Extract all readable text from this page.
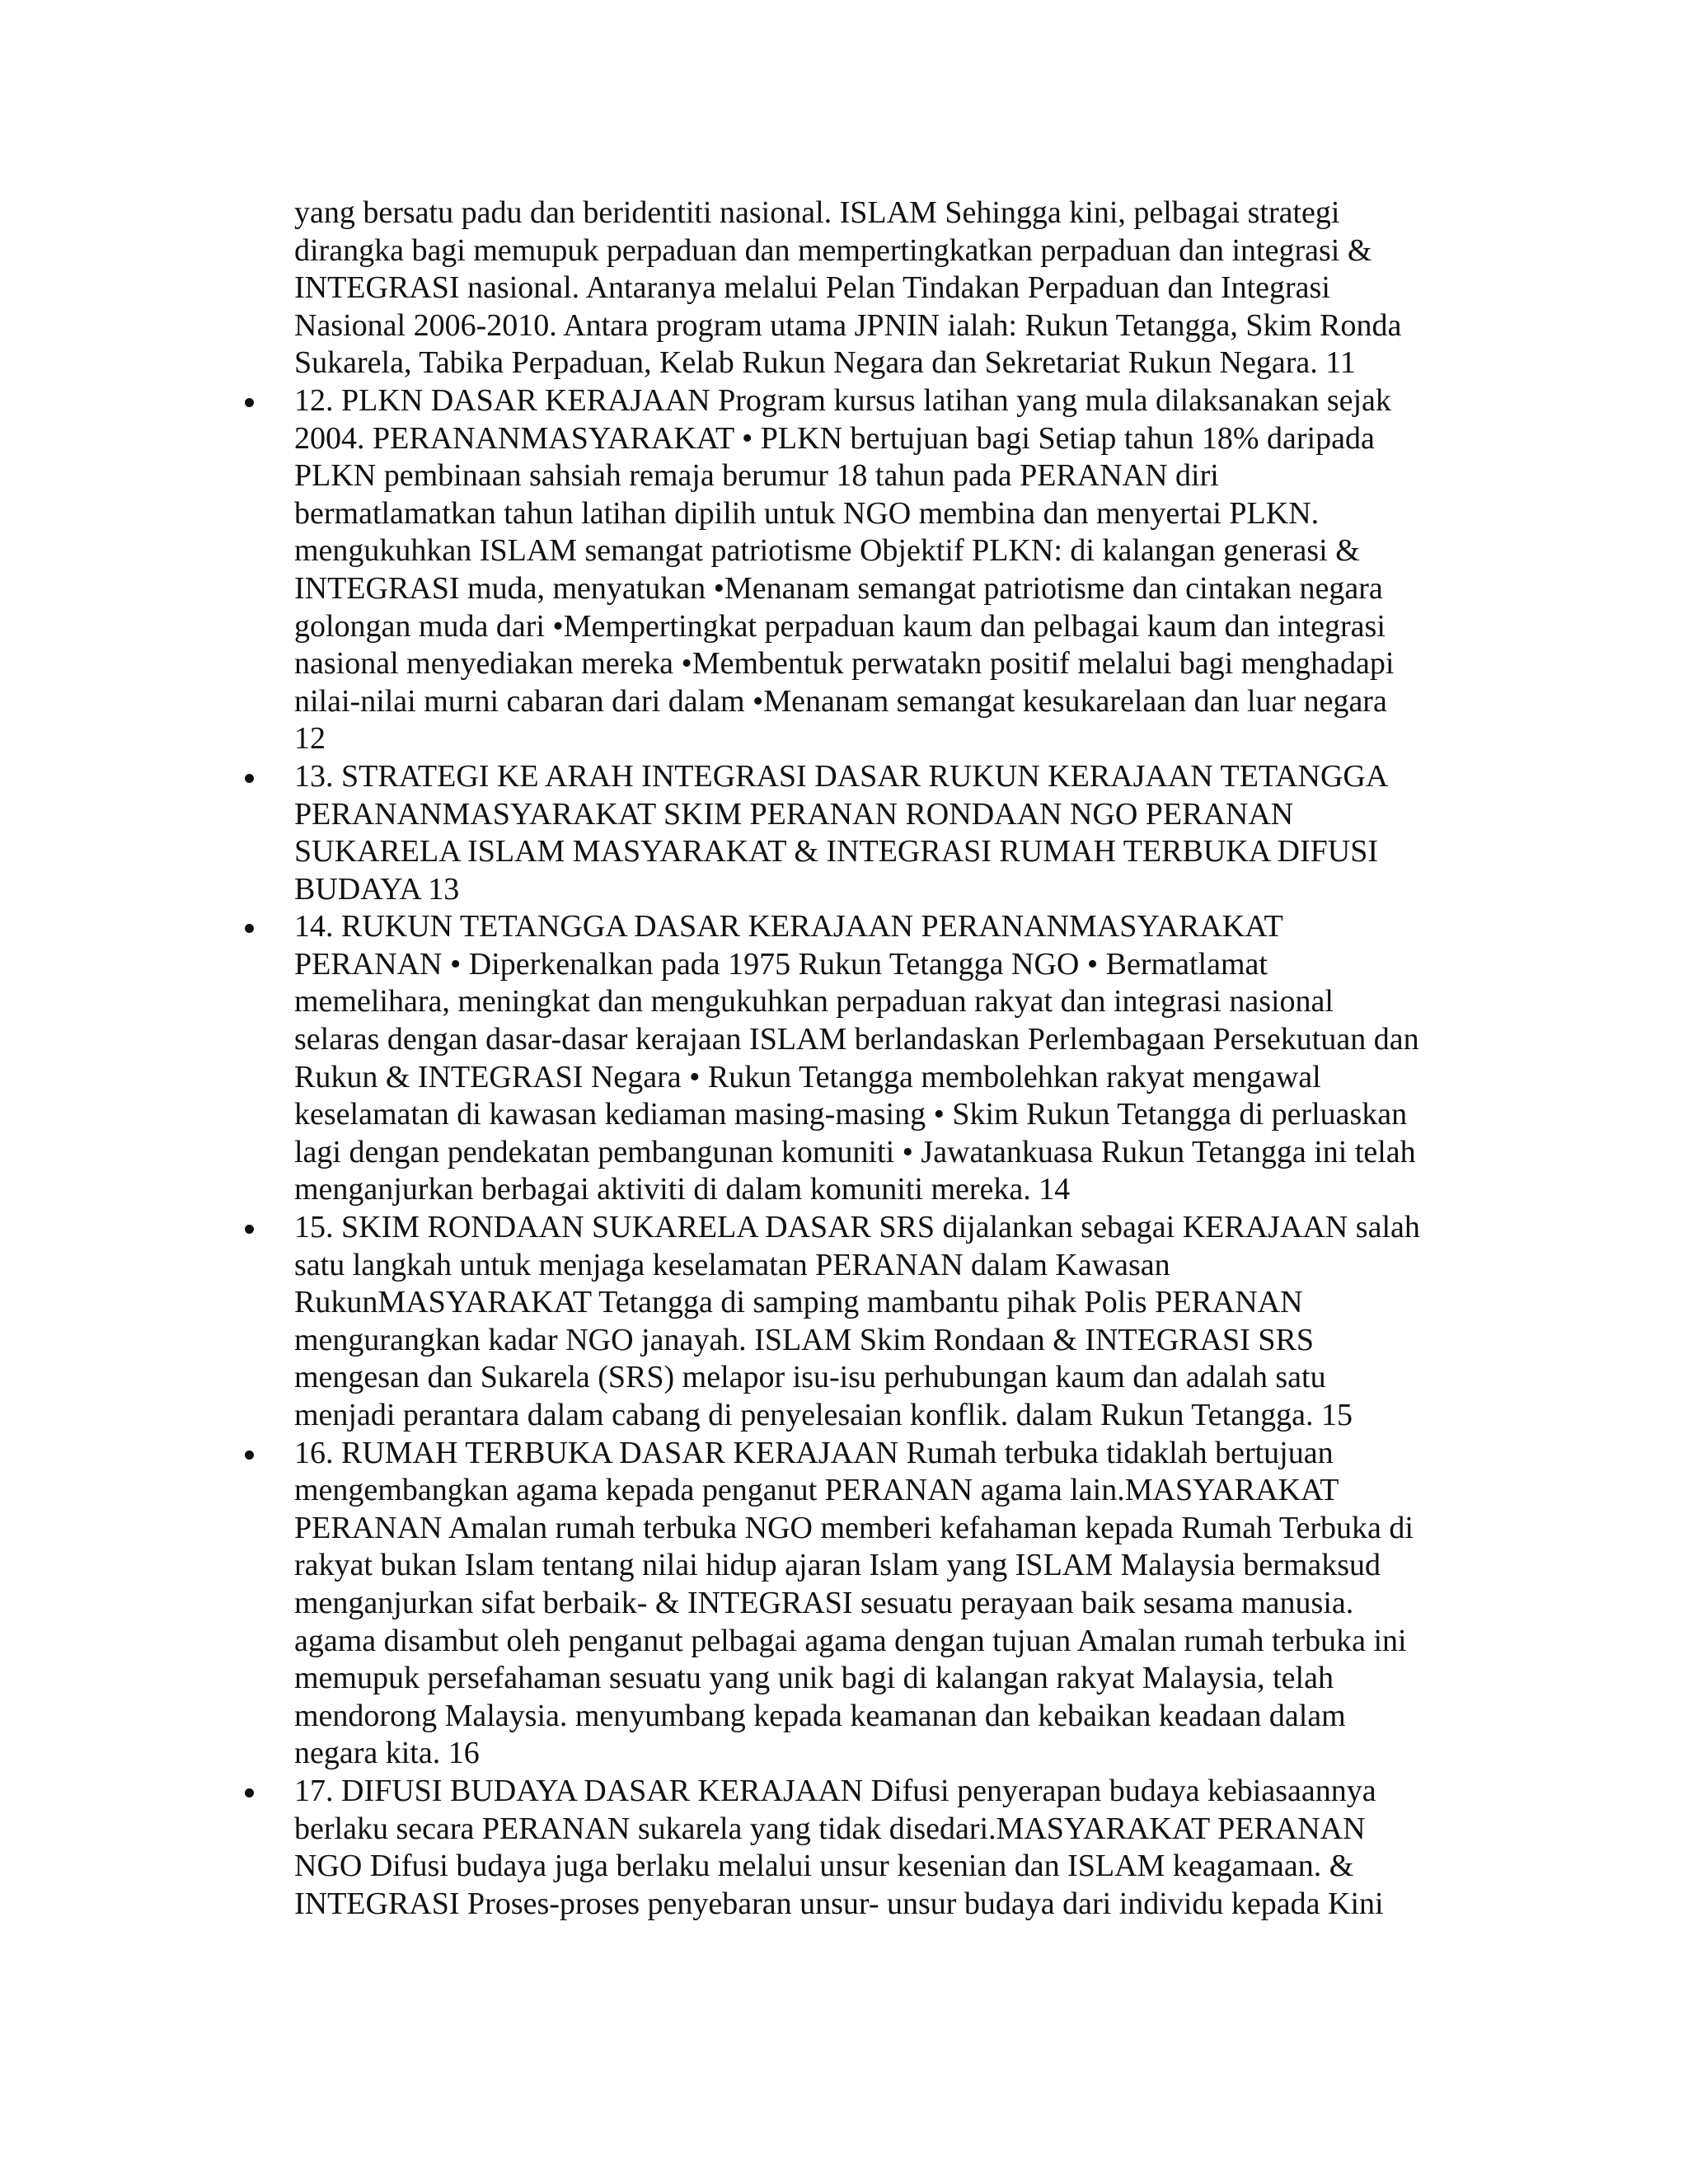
yang bersatu padu dan beridentiti nasional. ISLAM Sehingga kini, pelbagai strategi
dirangka bagi memupuk perpaduan dan mempertingkatkan perpaduan dan integrasi &
INTEGRASI nasional. Antaranya melalui Pelan Tindakan Perpaduan dan Integrasi
Nasional 2006-2010. Antara program utama JPNIN ialah: Rukun Tetangga, Skim Ronda
Sukarela, Tabika Perpaduan, Kelab Rukun Negara dan Sekretariat Rukun Negara. 11

12. PLKN DASAR KERAJAAN Program kursus latihan yang mula dilaksanakan sejak
2004. PERANANMASYARAKAT • PLKN bertujuan bagi Setiap tahun 18% daripada
PLKN pembinaan sahsiah remaja berumur 18 tahun pada PERANAN diri
bermatlamatkan tahun latihan dipilih untuk NGO membina dan menyertai PLKN.
mengukuhkan ISLAM semangat patriotisme Objektif PLKN: di kalangan generasi &
INTEGRASI muda, menyatukan •Menanam semangat patriotisme dan cintakan negara
golongan muda dari •Mempertingkat perpaduan kaum dan pelbagai kaum dan integrasi
nasional menyediakan mereka •Membentuk perwatakn positif melalui bagi menghadapi
nilai-nilai murni cabaran dari dalam •Menanam semangat kesukarelaan dan luar negara
12
13. STRATEGI KE ARAH INTEGRASI DASAR RUKUN KERAJAAN TETANGGA
PERANANMASYARAKAT SKIM PERANAN RONDAAN NGO PERANAN
SUKARELA ISLAM MASYARAKAT & INTEGRASI RUMAH TERBUKA DIFUSI
BUDAYA 13
14. RUKUN TETANGGA DASAR KERAJAAN PERANANMASYARAKAT
PERANAN • Diperkenalkan pada 1975 Rukun Tetangga NGO • Bermatlamat
memelihara, meningkat dan mengukuhkan perpaduan rakyat dan integrasi nasional
selaras dengan dasar-dasar kerajaan ISLAM berlandaskan Perlembagaan Persekutuan dan
Rukun & INTEGRASI Negara • Rukun Tetangga membolehkan rakyat mengawal
keselamatan di kawasan kediaman masing-masing • Skim Rukun Tetangga di perluaskan
lagi dengan pendekatan pembangunan komuniti • Jawatankuasa Rukun Tetangga ini telah
menganjurkan berbagai aktiviti di dalam komuniti mereka. 14
15. SKIM RONDAAN SUKARELA DASAR SRS dijalankan sebagai KERAJAAN salah
satu langkah untuk menjaga keselamatan PERANAN dalam Kawasan
RukunMASYARAKAT Tetangga di samping mambantu pihak Polis PERANAN
mengurangkan kadar NGO janayah. ISLAM Skim Rondaan & INTEGRASI SRS
mengesan dan Sukarela (SRS) melapor isu-isu perhubungan kaum dan adalah satu
menjadi perantara dalam cabang di penyelesaian konflik. dalam Rukun Tetangga. 15
16. RUMAH TERBUKA DASAR KERAJAAN Rumah terbuka tidaklah bertujuan
mengembangkan agama kepada penganut PERANAN agama lain.MASYARAKAT
PERANAN Amalan rumah terbuka NGO memberi kefahaman kepada Rumah Terbuka di
rakyat bukan Islam tentang nilai hidup ajaran Islam yang ISLAM Malaysia bermaksud
menganjurkan sifat berbaik- & INTEGRASI sesuatu perayaan baik sesama manusia.
agama disambut oleh penganut pelbagai agama dengan tujuan Amalan rumah terbuka ini
memupuk persefahaman sesuatu yang unik bagi di kalangan rakyat Malaysia, telah
mendorong Malaysia. menyumbang kepada keamanan dan kebaikan keadaan dalam
negara kita. 16
17. DIFUSI BUDAYA DASAR KERAJAAN Difusi penyerapan budaya kebiasaannya
berlaku secara PERANAN sukarela yang tidak disedari.MASYARAKAT PERANAN
NGO Difusi budaya juga berlaku melalui unsur kesenian dan ISLAM keagamaan. &
INTEGRASI Proses-proses penyebaran unsur- unsur budaya dari individu kepada Kini
